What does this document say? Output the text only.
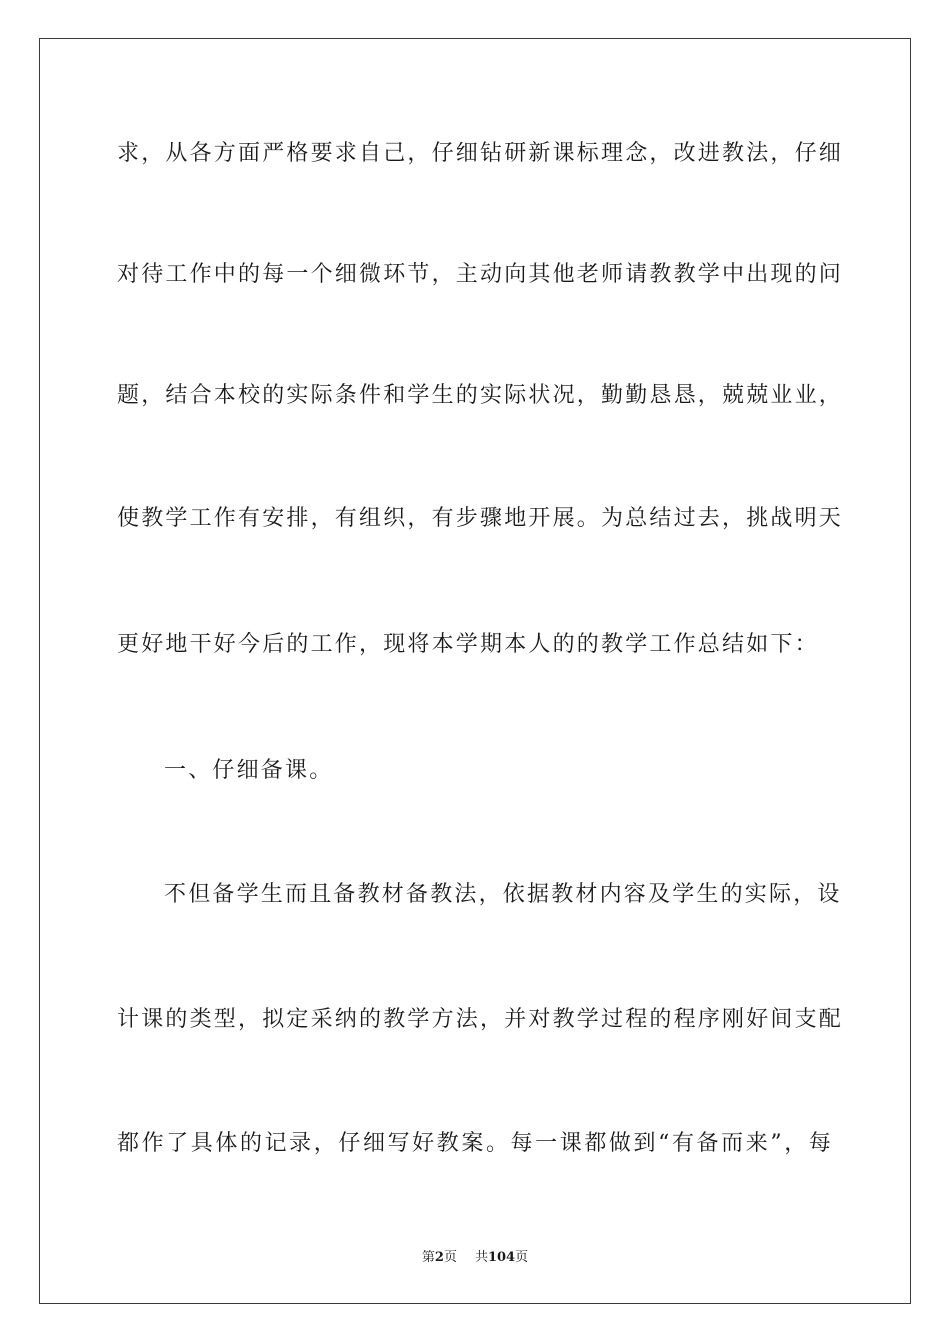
求，从各方面严格要求自己，仔细钻研新课标理念，改进教法，仔细
对待工作中的每一个细微环节，主动向其他老师请教教学中出现的问
题，结合本校的实际条件和学生的实际状况，勤勤恳恳，兢兢业业，
使教学工作有安排，有组织，有步骤地开展。为总结过去，挑战明天
更好地干好今后的工作，现将本学期本人的的教学工作总结如下：
一、仔细备课。
不但备学生而且备教材备教法，依据教材内容及学生的实际，设
计课的类型，拟定采纳的教学方法，并对教学过程的程序刚好间支配
都作了具体的记录，仔细写好教案。每一课都做到“有备而来”，每
第2页 共104页
